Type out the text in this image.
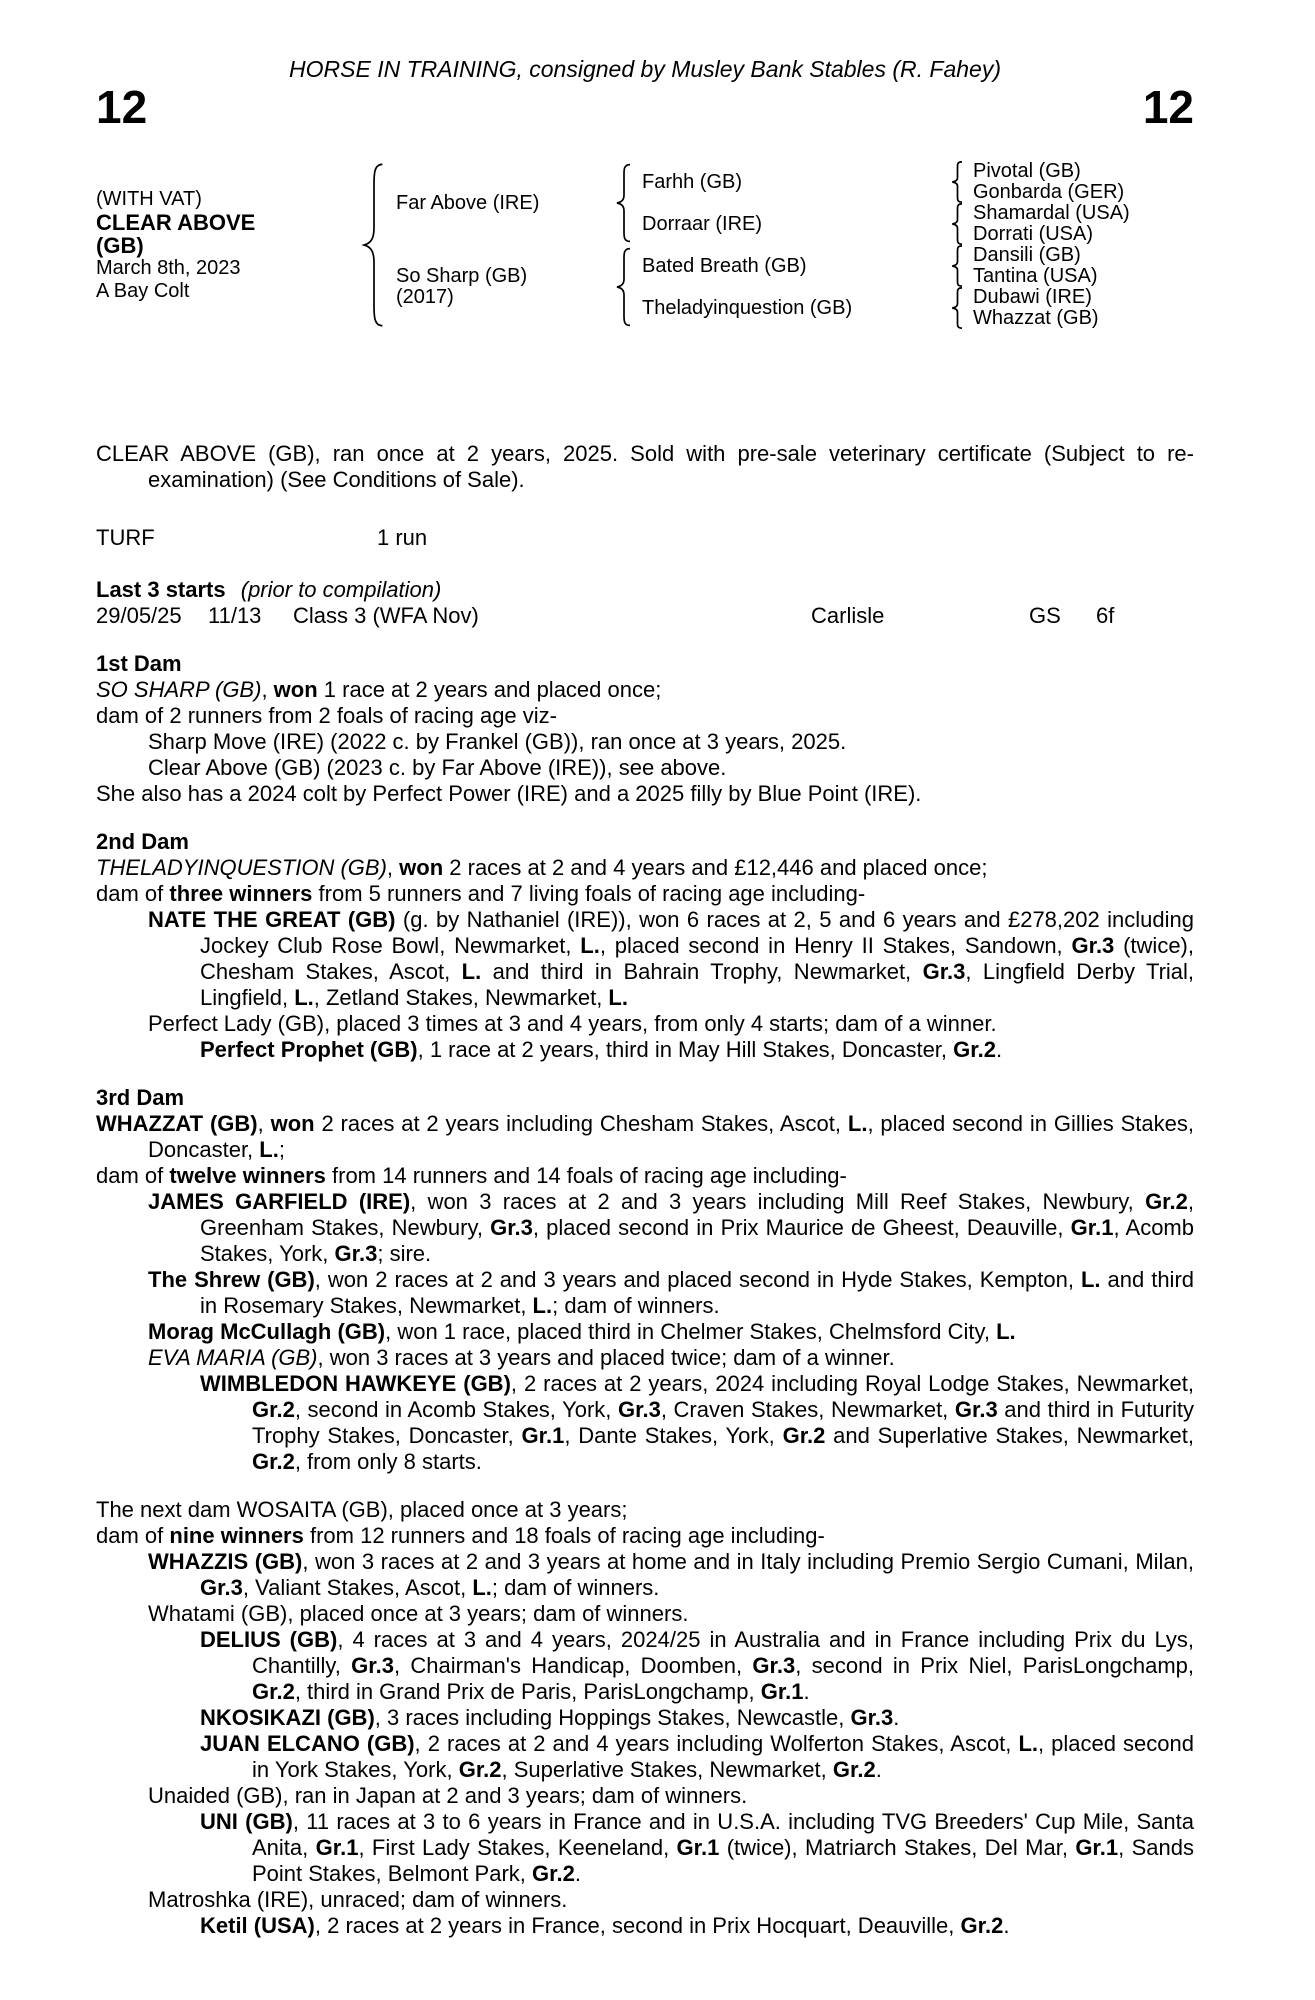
HORSE IN TRAINING, consigned by Musley Bank Stables (R. Fahey)
12	12
(WITH VAT)
CLEAR ABOVE
(GB)
March 8th, 2023
A Bay Colt
Far Above (IRE)
So Sharp (GB)
(2017)
Farhh (GB)
Dorraar (IRE)
Bated Breath (GB)
Theladyinquestion (GB)
Pivotal (GB)
Gonbarda (GER)
Shamardal (USA)
Dorrati (USA)
Dansili (GB)
Tantina (USA)
Dubawi (IRE)
Whazzat (GB)

CLEAR ABOVE (GB), ran once at 2 years, 2025. Sold with pre-sale veterinary certificate (Subject to re-examination) (See Conditions of Sale).

TURF	1 run
Last 3 starts (prior to compilation)
29/05/25	11/13	Class 3 (WFA Nov)	Carlisle	GS	6f

1st Dam

SO SHARP (GB), won 1 race at 2 years and placed once;

dam of 2 runners from 2 foals of racing age viz-

Sharp Move (IRE) (2022 c. by Frankel (GB)), ran once at 3 years, 2025.

Clear Above (GB) (2023 c. by Far Above (IRE)), see above.

She also has a 2024 colt by Perfect Power (IRE) and a 2025 filly by Blue Point (IRE).

2nd Dam

THELADYINQUESTION (GB), won 2 races at 2 and 4 years and £12,446 and placed once;

dam of three winners from 5 runners and 7 living foals of racing age including-

NATE THE GREAT (GB) (g. by Nathaniel (IRE)), won 6 races at 2, 5 and 6 years and £278,202 including Jockey Club Rose Bowl, Newmarket, L., placed second in Henry II Stakes, Sandown, Gr.3 (twice), Chesham Stakes, Ascot, L. and third in Bahrain Trophy, Newmarket, Gr.3, Lingfield Derby Trial, Lingfield, L., Zetland Stakes, Newmarket, L.

Perfect Lady (GB), placed 3 times at 3 and 4 years, from only 4 starts; dam of a winner.

Perfect Prophet (GB), 1 race at 2 years, third in May Hill Stakes, Doncaster, Gr.2.

3rd Dam

WHAZZAT (GB), won 2 races at 2 years including Chesham Stakes, Ascot, L., placed second in Gillies Stakes, Doncaster, L.;

dam of twelve winners from 14 runners and 14 foals of racing age including-

JAMES GARFIELD (IRE), won 3 races at 2 and 3 years including Mill Reef Stakes, Newbury, Gr.2, Greenham Stakes, Newbury, Gr.3, placed second in Prix Maurice de Gheest, Deauville, Gr.1, Acomb Stakes, York, Gr.3; sire.

The Shrew (GB), won 2 races at 2 and 3 years and placed second in Hyde Stakes, Kempton, L. and third in Rosemary Stakes, Newmarket, L.; dam of winners.

Morag McCullagh (GB), won 1 race, placed third in Chelmer Stakes, Chelmsford City, L.

EVA MARIA (GB), won 3 races at 3 years and placed twice; dam of a winner.

WIMBLEDON HAWKEYE (GB), 2 races at 2 years, 2024 including Royal Lodge Stakes, Newmarket, Gr.2, second in Acomb Stakes, York, Gr.3, Craven Stakes, Newmarket, Gr.3 and third in Futurity Trophy Stakes, Doncaster, Gr.1, Dante Stakes, York, Gr.2 and Superlative Stakes, Newmarket, Gr.2, from only 8 starts.

The next dam WOSAITA (GB), placed once at 3 years;

dam of nine winners from 12 runners and 18 foals of racing age including-

WHAZZIS (GB), won 3 races at 2 and 3 years at home and in Italy including Premio Sergio Cumani, Milan, Gr.3, Valiant Stakes, Ascot, L.; dam of winners.

Whatami (GB), placed once at 3 years; dam of winners.

DELIUS (GB), 4 races at 3 and 4 years, 2024/25 in Australia and in France including Prix du Lys, Chantilly, Gr.3, Chairman's Handicap, Doomben, Gr.3, second in Prix Niel, ParisLongchamp, Gr.2, third in Grand Prix de Paris, ParisLongchamp, Gr.1.

NKOSIKAZI (GB), 3 races including Hoppings Stakes, Newcastle, Gr.3.

JUAN ELCANO (GB), 2 races at 2 and 4 years including Wolferton Stakes, Ascot, L., placed second in York Stakes, York, Gr.2, Superlative Stakes, Newmarket, Gr.2.

Unaided (GB), ran in Japan at 2 and 3 years; dam of winners.

UNI (GB), 11 races at 3 to 6 years in France and in U.S.A. including TVG Breeders' Cup Mile, Santa Anita, Gr.1, First Lady Stakes, Keeneland, Gr.1 (twice), Matriarch Stakes, Del Mar, Gr.1, Sands Point Stakes, Belmont Park, Gr.2.

Matroshka (IRE), unraced; dam of winners.

Ketil (USA), 2 races at 2 years in France, second in Prix Hocquart, Deauville, Gr.2.
